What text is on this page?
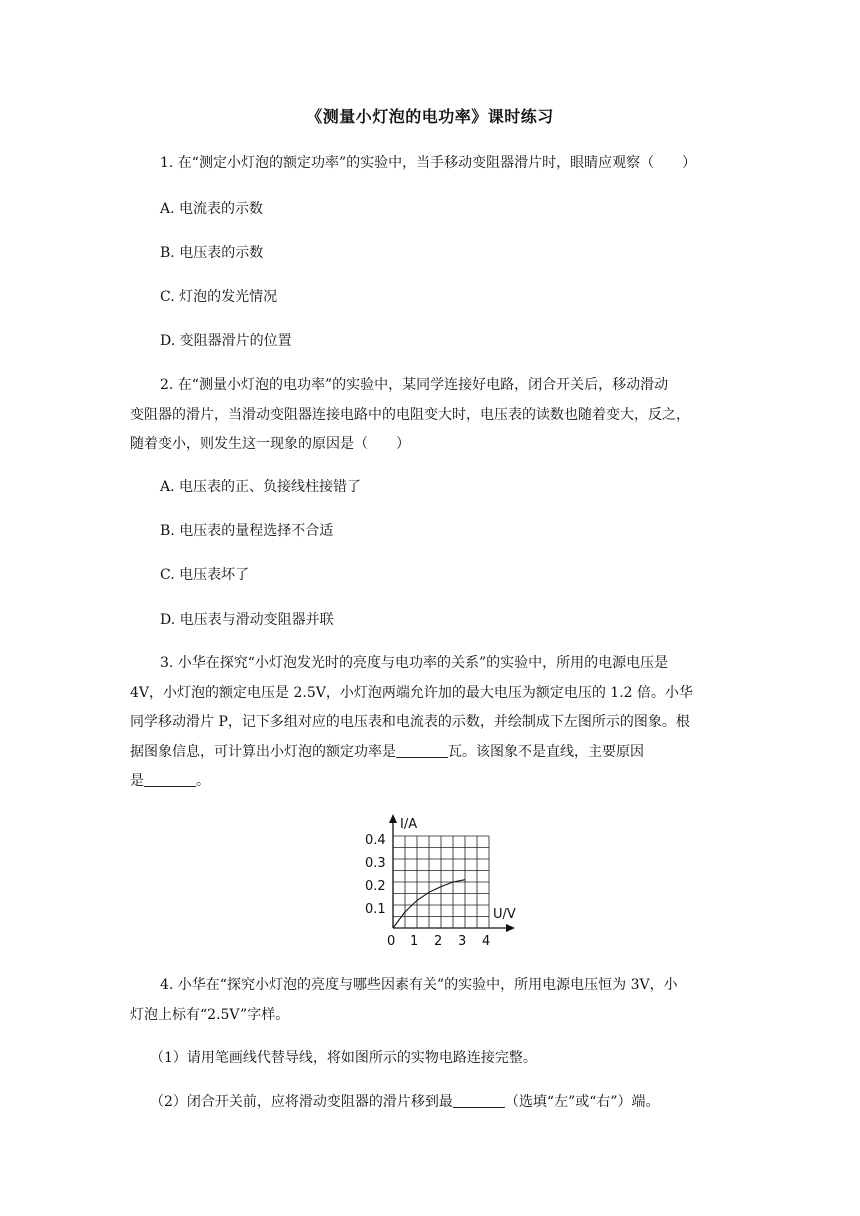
《测量小灯泡的电功率》课时练习
1. 在“测定小灯泡的额定功率”的实验中，当手移动变阻器滑片时，眼睛应观察（　　）
A. 电流表的示数
B. 电压表的示数
C. 灯泡的发光情况
D. 变阻器滑片的位置
2. 在“测量小灯泡的电功率”的实验中，某同学连接好电路，闭合开关后，移动滑动
变阻器的滑片，当滑动变阻器连接电路中的电阻变大时，电压表的读数也随着变大，反之，
随着变小，则发生这一现象的原因是（　　）
A. 电压表的正、负接线柱接错了
B. 电压表的量程选择不合适
C. 电压表坏了
D. 电压表与滑动变阻器并联
3. 小华在探究“小灯泡发光时的亮度与电功率的关系”的实验中，所用的电源电压是
4V，小灯泡的额定电压是 2.5V，小灯泡两端允许加的最大电压为额定电压的 1.2 倍。小华
同学移动滑片 P，记下多组对应的电压表和电流表的示数，并绘制成下左图所示的图象。根
据图象信息，可计算出小灯泡的额定功率是	瓦。该图象不是直线，主要原因
是	。
I/A
U/V
0
0.1
0.2
0.3
0.4
1 2 3 4
4. 小华在“探究小灯泡的亮度与哪些因素有关”的实验中，所用电源电压恒为 3V，小
灯泡上标有“2.5V”字样。
（1）请用笔画线代替导线，将如图所示的实物电路连接完整。
（2）闭合开关前，应将滑动变阻器的滑片移到最	（选填“左”或“右”）端。
